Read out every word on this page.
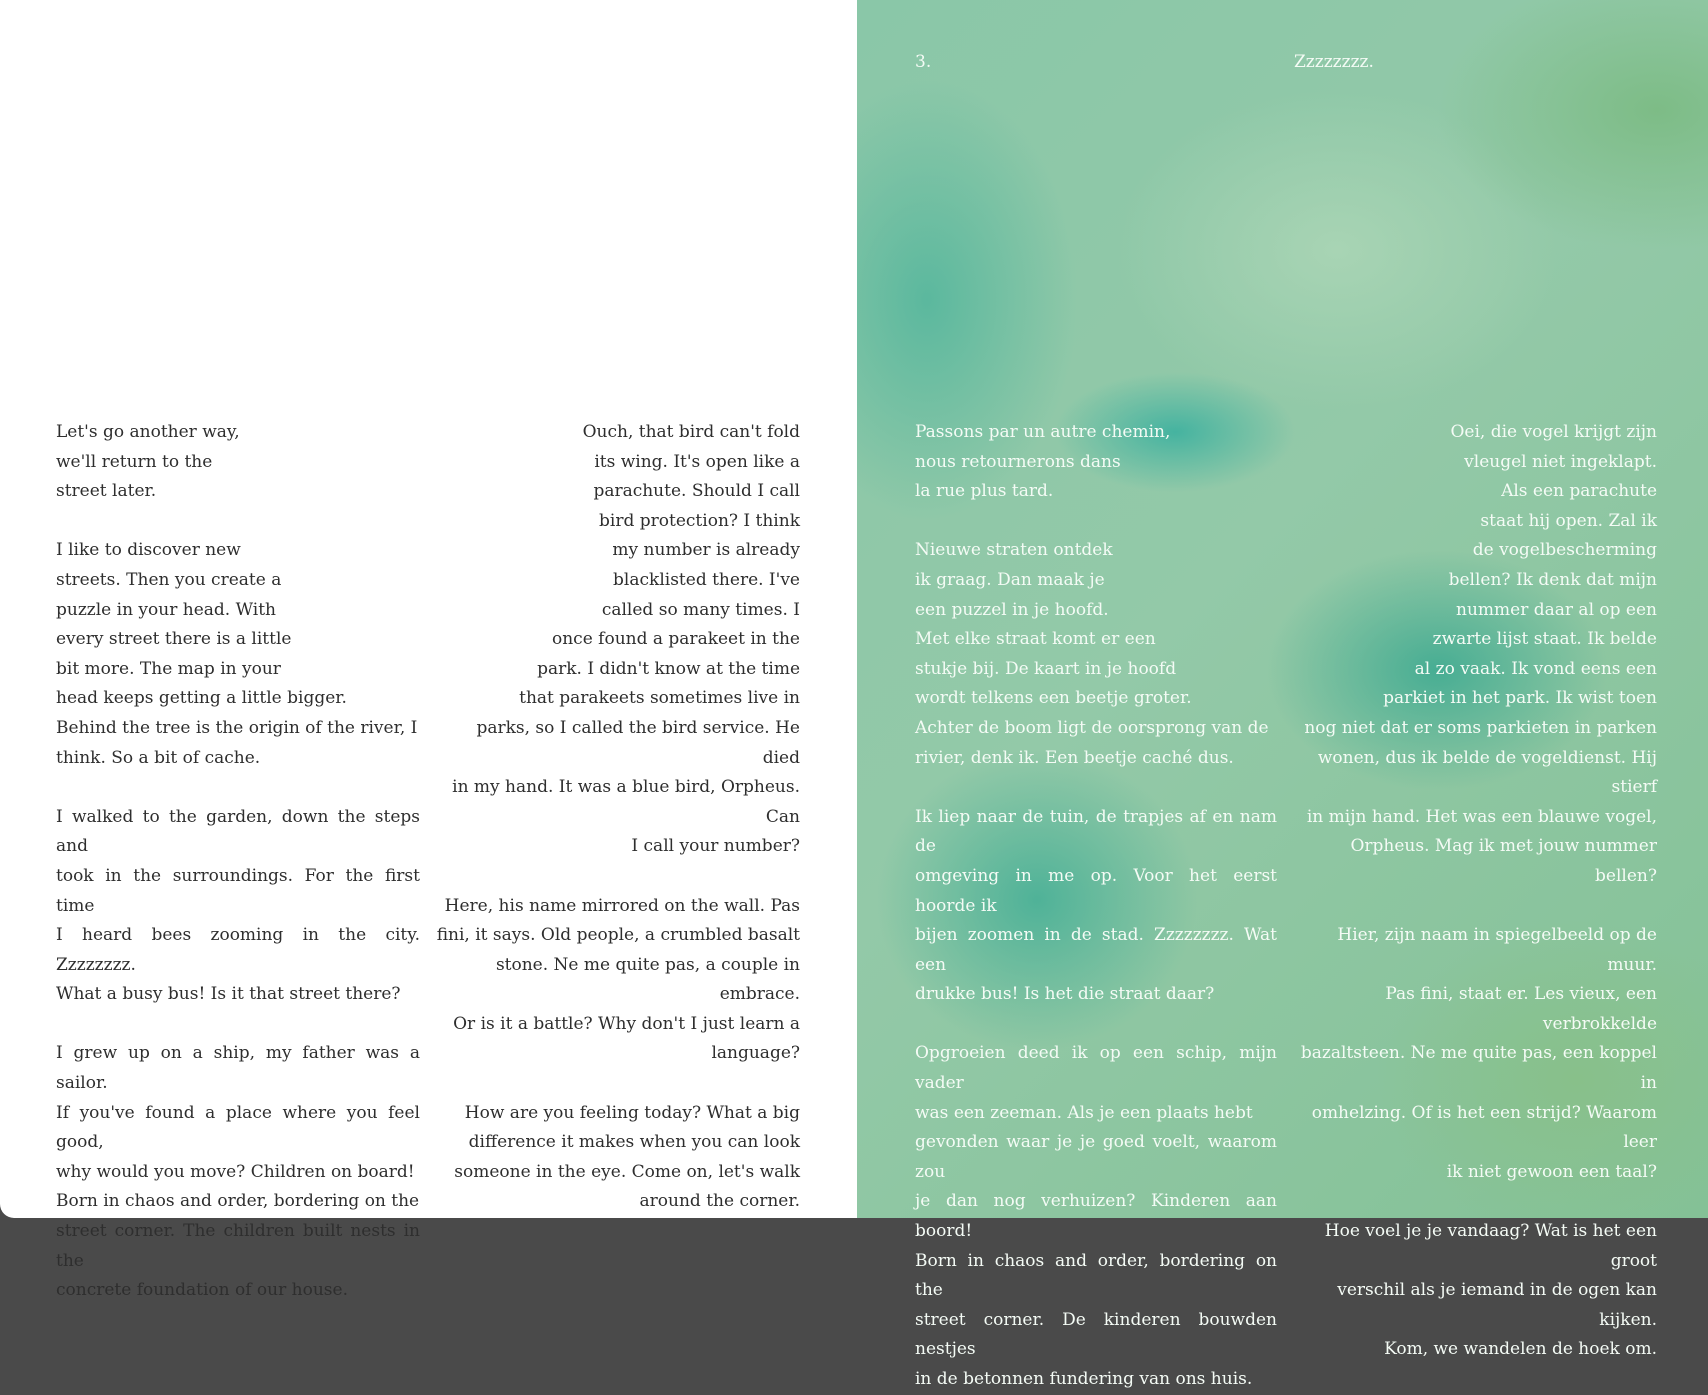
Let's go another way,
we'll return to the
street later.

I like to discover new
streets. Then you create a
puzzle in your head. With
every street there is a little
bit more. The map in your
head keeps getting a little bigger.
Behind the tree is the origin of the river, I
think. So a bit of cache.

I walked to the garden, down the steps and
took in the surroundings. For the first time
I heard bees zooming in the city. Zzzzzzzz.
What a busy bus! Is it that street there?

I grew up on a ship, my father was a sailor.
If you've found a place where you feel good,
why would you move? Children on board!
Born in chaos and order, bordering on the
street corner. The children built nests in the
concrete foundation of our house.
Ouch, that bird can't fold
its wing. It's open like a
parachute. Should I call
bird protection? I think
my number is already
blacklisted there. I've
called so many times. I
once found a parakeet in the
park. I didn't know at the time
that parakeets sometimes live in
parks, so I called the bird service. He died
in my hand. It was a blue bird, Orpheus. Can
I call your number?

Here, his name mirrored on the wall. Pas
fini, it says. Old people, a crumbled basalt
stone. Ne me quite pas, a couple in embrace.
Or is it a battle? Why don't I just learn a
language?

How are you feeling today? What a big
difference it makes when you can look
someone in the eye. Come on, let's walk
around the corner.
3.	Zzzzzzzz.
Passons par un autre chemin,
nous retournerons dans
la rue plus tard.

Nieuwe straten ontdek
ik graag. Dan maak je
een puzzel in je hoofd.
Met elke straat komt er een
stukje bij. De kaart in je hoofd
wordt telkens een beetje groter.
Achter de boom ligt de oorsprong van de
rivier, denk ik. Een beetje caché dus.

Ik liep naar de tuin, de trapjes af en nam de
omgeving in me op. Voor het eerst hoorde ik
bijen zoomen in de stad. Zzzzzzzz. Wat een
drukke bus! Is het die straat daar?

Opgroeien deed ik op een schip, mijn vader
was een zeeman. Als je een plaats hebt
gevonden waar je je goed voelt, waarom zou
je dan nog verhuizen? Kinderen aan boord!
Born in chaos and order, bordering on the
street corner. De kinderen bouwden nestjes
in de betonnen fundering van ons huis.
Oei, die vogel krijgt zijn
vleugel niet ingeklapt.
Als een parachute
staat hij open. Zal ik
de vogelbescherming
bellen? Ik denk dat mijn
nummer daar al op een
zwarte lijst staat. Ik belde
al zo vaak. Ik vond eens een
parkiet in het park. Ik wist toen
nog niet dat er soms parkieten in parken
wonen, dus ik belde de vogeldienst. Hij stierf
in mijn hand. Het was een blauwe vogel,
Orpheus. Mag ik met jouw nummer bellen?

Hier, zijn naam in spiegelbeeld op de muur.
Pas fini, staat er. Les vieux, een verbrokkelde
bazaltsteen. Ne me quite pas, een koppel in
omhelzing. Of is het een strijd? Waarom leer
ik niet gewoon een taal?

Hoe voel je je vandaag? Wat is het een groot
verschil als je iemand in de ogen kan kijken.
Kom, we wandelen de hoek om.
